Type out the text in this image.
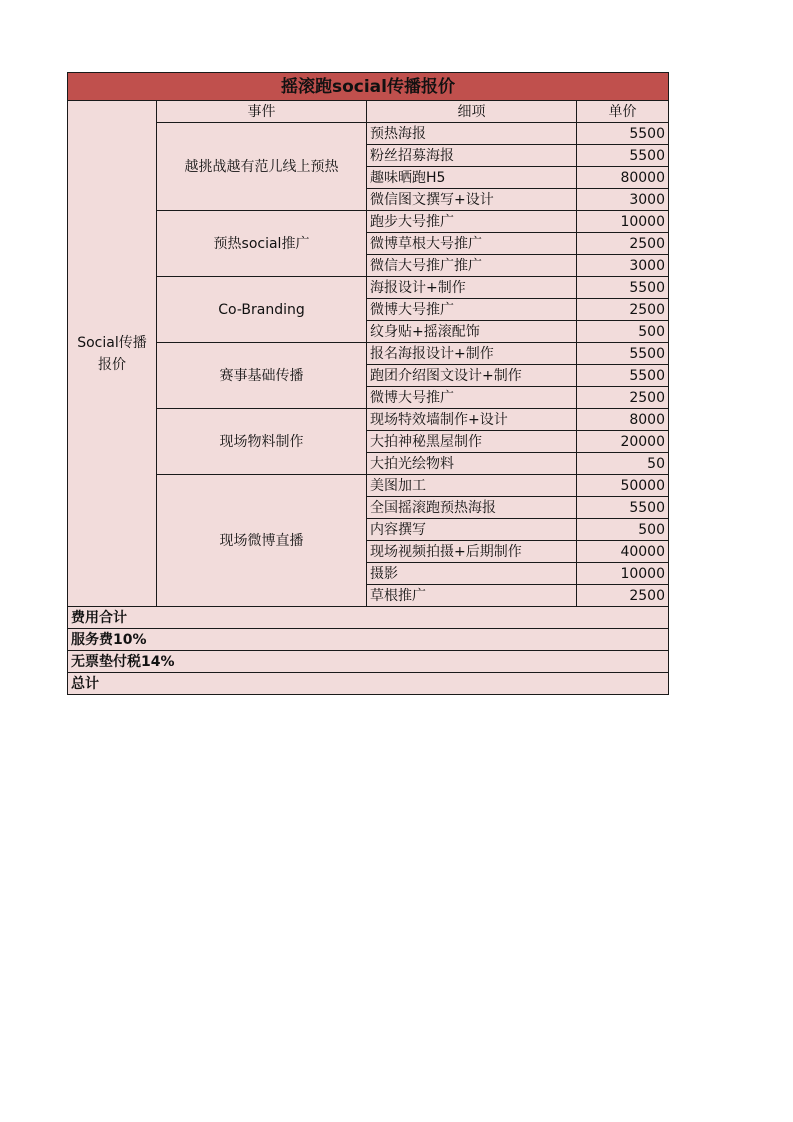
摇滚跑social传播报价			
Social传播报价	事件	细项	单价
	越挑战越有范儿线上预热	预热海报	5500
		粉丝招募海报	5500
		趣味晒跑H5	80000
		微信图文撰写+设计	3000
	预热social推广	跑步大号推广	10000
		微博草根大号推广	2500
		微信大号推广推广	3000
	Co-Branding	海报设计+制作	5500
		微博大号推广	2500
		纹身贴+摇滚配饰	500
	赛事基础传播	报名海报设计+制作	5500
		跑团介绍图文设计+制作	5500
		微博大号推广	2500
	现场物料制作	现场特效墙制作+设计	8000
		大拍神秘黑屋制作	20000
		大拍光绘物料	50
	现场微博直播	美图加工	50000
		全国摇滚跑预热海报	5500
		内容撰写	500
		现场视频拍摄+后期制作	40000
		摄影	10000
		草根推广	2500
费用合计			
服务费10%			
无票垫付税14%			
总计			
